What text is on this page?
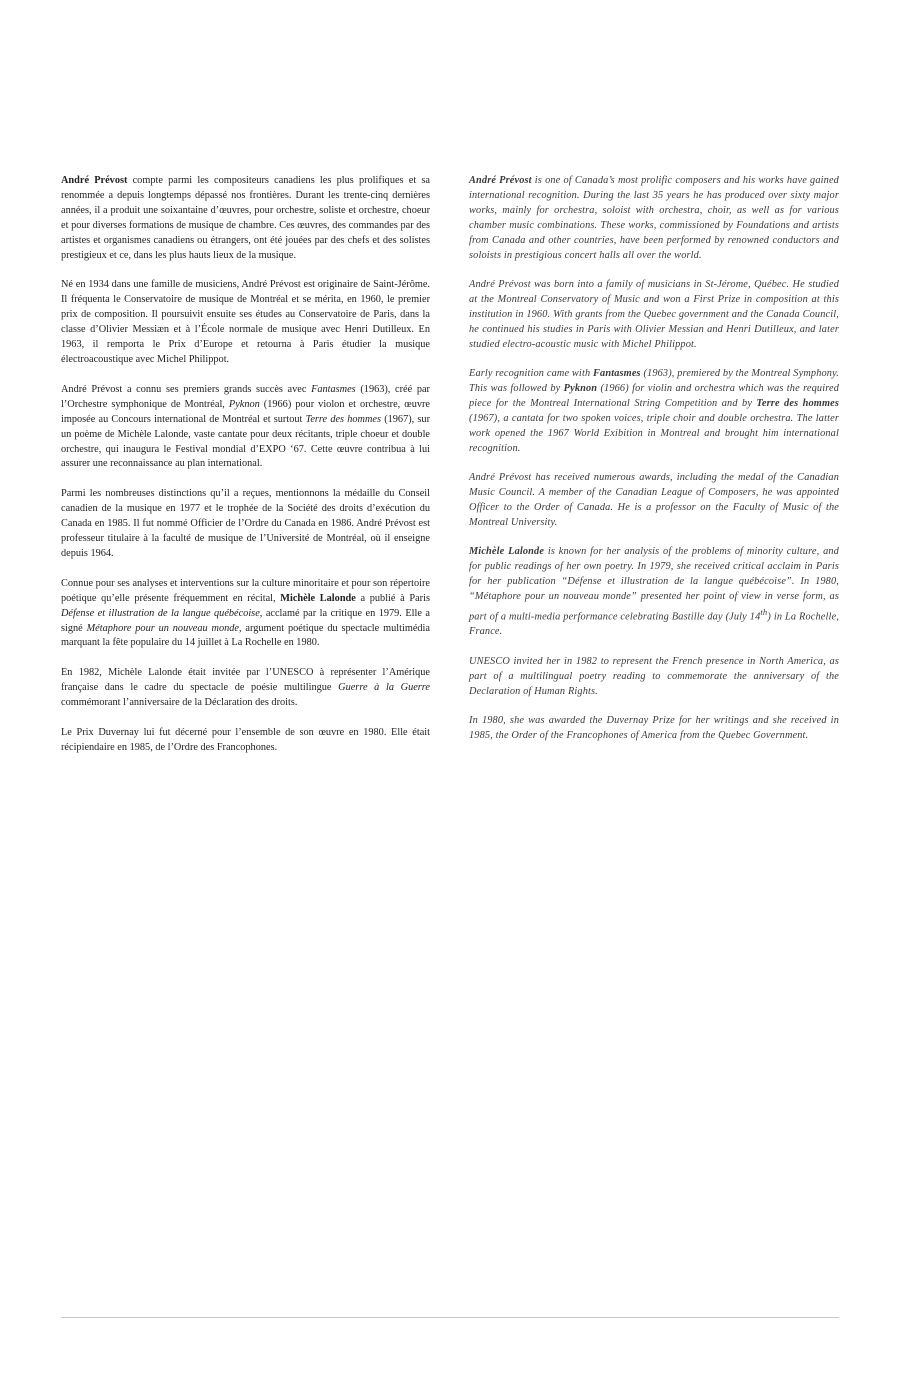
André Prévost compte parmi les compositeurs canadiens les plus prolifiques et sa renommée a depuis longtemps dépassé nos frontières. Durant les trente-cinq dernières années, il a produit une soixantaine d’œuvres, pour orchestre, soliste et orchestre, choeur et pour diverses formations de musique de chambre. Ces œuvres, des commandes par des artistes et organismes canadiens ou étrangers, ont été jouées par des chefs et des solistes prestigieux et ce, dans les plus hauts lieux de la musique.

Né en 1934 dans une famille de musiciens, André Prévost est originaire de Saint-Jérôme. Il fréquenta le Conservatoire de musique de Montréal et se mérita, en 1960, le premier prix de composition. Il poursuivit ensuite ses études au Conservatoire de Paris, dans la classe d’Olivier Messiæn et à l’École normale de musique avec Henri Dutilleux. En 1963, il remporta le Prix d’Europe et retourna à Paris étudier la musique électroacoustique avec Michel Philippot.

André Prévost a connu ses premiers grands succès avec Fantasmes (1963), créé par l’Orchestre symphonique de Montréal, Pyknon (1966) pour violon et orchestre, œuvre imposée au Concours international de Montréal et surtout Terre des hommes (1967), sur un poème de Michèle Lalonde, vaste cantate pour deux récitants, triple choeur et double orchestre, qui inaugura le Festival mondial d’EXPO ‘67. Cette œuvre contribua à lui assurer une reconnaissance au plan international.

Parmi les nombreuses distinctions qu’il a reçues, mentionnons la médaille du Conseil canadien de la musique en 1977 et le trophée de la Société des droits d’exécution du Canada en 1985. Il fut nommé Officier de l’Ordre du Canada en 1986. André Prévost est professeur titulaire à la faculté de musique de l’Université de Montréal, où il enseigne depuis 1964.

Connue pour ses analyses et interventions sur la culture minoritaire et pour son répertoire poétique qu’elle présente fréquemment en récital, Michèle Lalonde a publié à Paris Défense et illustration de la langue québécoise, acclamé par la critique en 1979. Elle a signé Métaphore pour un nouveau monde, argument poétique du spectacle multimédia marquant la fête populaire du 14 juillet à La Rochelle en 1980.

En 1982, Michèle Lalonde était invitée par l’UNESCO à représenter l’Amérique française dans le cadre du spectacle de poésie multilingue Guerre à la Guerre commémorant l’anniversaire de la Déclaration des droits.

Le Prix Duvernay lui fut décerné pour l’ensemble de son œuvre en 1980. Elle était récipiendaire en 1985, de l’Ordre des Francophones.

André Prévost is one of Canada’s most prolific composers and his works have gained international recognition. During the last 35 years he has produced over sixty major works, mainly for orchestra, soloist with orchestra, choir, as well as for various chamber music combinations. These works, commissioned by Foundations and artists from Canada and other countries, have been performed by renowned conductors and soloists in prestigious concert halls all over the world.

André Prévost was born into a family of musicians in St-Jérome, Québec. He studied at the Montreal Conservatory of Music and won a First Prize in composition at this institution in 1960. With grants from the Quebec government and the Canada Council, he continued his studies in Paris with Olivier Messian and Henri Dutilleux, and later studied electro-acoustic music with Michel Philippot.

Early recognition came with Fantasmes (1963), premiered by the Montreal Symphony. This was followed by Pyknon (1966) for violin and orchestra which was the required piece for the Montreal International String Competition and by Terre des hommes (1967), a cantata for two spoken voices, triple choir and double orchestra. The latter work opened the 1967 World Exibition in Montreal and brought him international recognition.

André Prévost has received numerous awards, including the medal of the Canadian Music Council. A member of the Canadian League of Composers, he was appointed Officer to the Order of Canada. He is a professor on the Faculty of Music of the Montreal University.

Michèle Lalonde is known for her analysis of the problems of minority culture, and for public readings of her own poetry. In 1979, she received critical acclaim in Paris for her publication “Défense et illustration de la langue québécoise”. In 1980, “Métaphore pour un nouveau monde” presented her point of view in verse form, as part of a multi-media performance celebrating Bastille day (July 14th) in La Rochelle, France.

UNESCO invited her in 1982 to represent the French presence in North America, as part of a multilingual poetry reading to commemorate the anniversary of the Declaration of Human Rights.

In 1980, she was awarded the Duvernay Prize for her writings and she received in 1985, the Order of the Francophones of America from the Quebec Government.
